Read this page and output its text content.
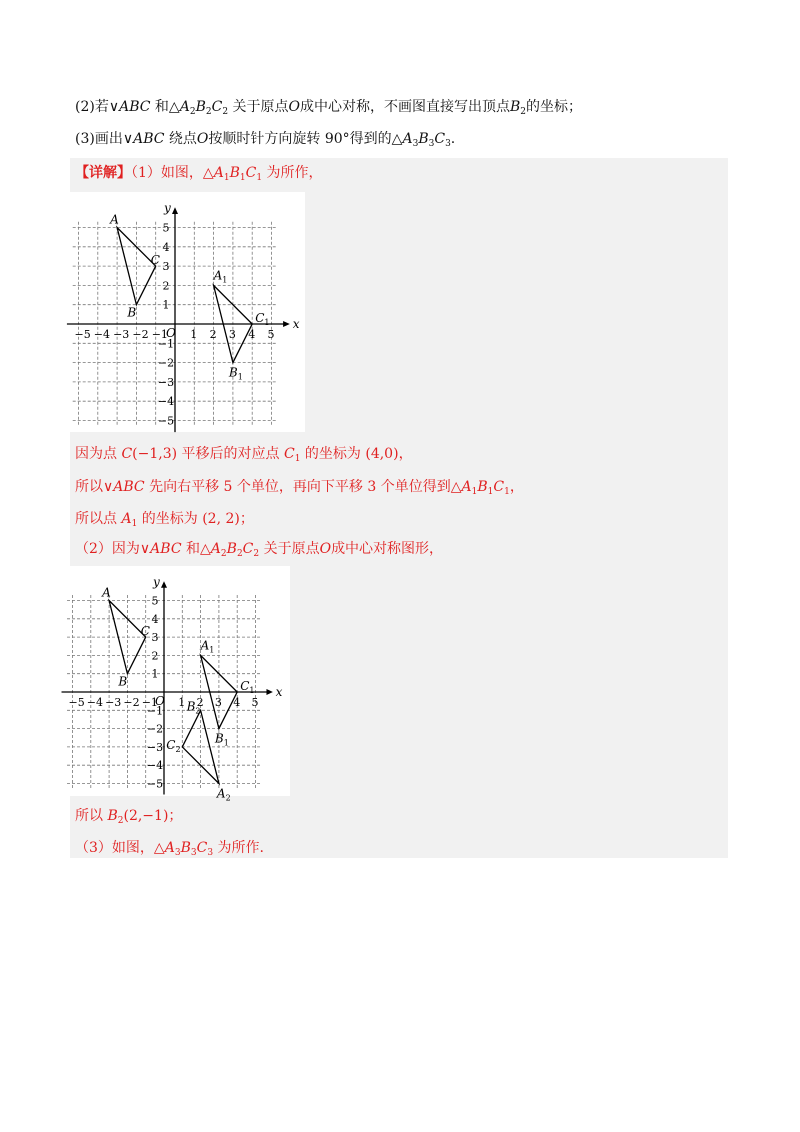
(2)若∨ABC 和$\triangle A_2B_2C_2$ 关于原点O成中心对称，不画图直接写出顶点$B_2$的坐标；
(3)画出∨ABC 绕点O按顺时针方向旋转 90°得到的$\triangle A_3B_3C_3$.
【详解】（1）如图，$\triangle A_1B_1C_1$ 为所作，
x
y
O
−5 −4 −3 −2 −1 1 2 3 4 5
5
4
3
2
1
−1
−2
−3
−4
−5
A
B
C
$A_1$
$B_1$
$C_1$
因为点 C(−1,3) 平移后的对应点 $C_1$ 的坐标为 (4,0)，
所以∨ABC 先向右平移 5 个单位，再向下平移 3 个单位得到$\triangle A_1B_1C_1$，
所以点 $A_1$ 的坐标为 (2, 2)；
（2）因为∨ABC 和$\triangle A_2B_2C_2$ 关于原点O成中心对称图形，
x
y
O
−5 −4 −3 −2 −1 1 2 3 4 5
5
4
3
2
1
−1
−2
−3
−4
−5
A
B
C
$A_1$
$B_1$
$C_1$
$A_2$
$B_2$
$C_2$
所以 $B_2(2,-1)$；
（3）如图，$\triangle A_3B_3C_3$ 为所作.
